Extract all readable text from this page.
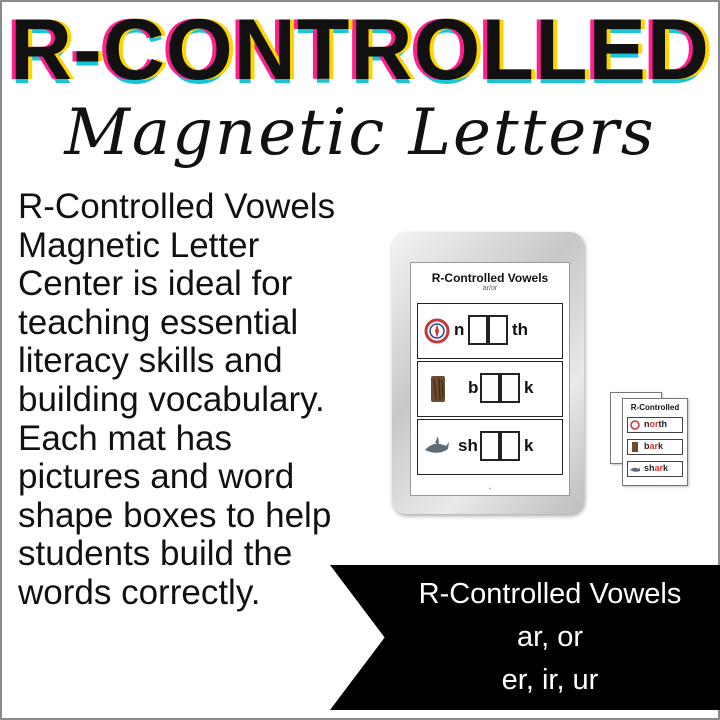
R-CONTROLLED
Magnetic Letters
R-Controlled Vowels Magnetic Letter Center is ideal for teaching essential literacy skills and building vocabulary. Each mat has pictures and word shape boxes to help students build the words correctly.
R-Controlled Vowels
ar/or
n	th
b	k
sh	k
▪
R-Controlled
north
bark
shark
R-Controlled Vowels
ar, or
er, ir, ur
